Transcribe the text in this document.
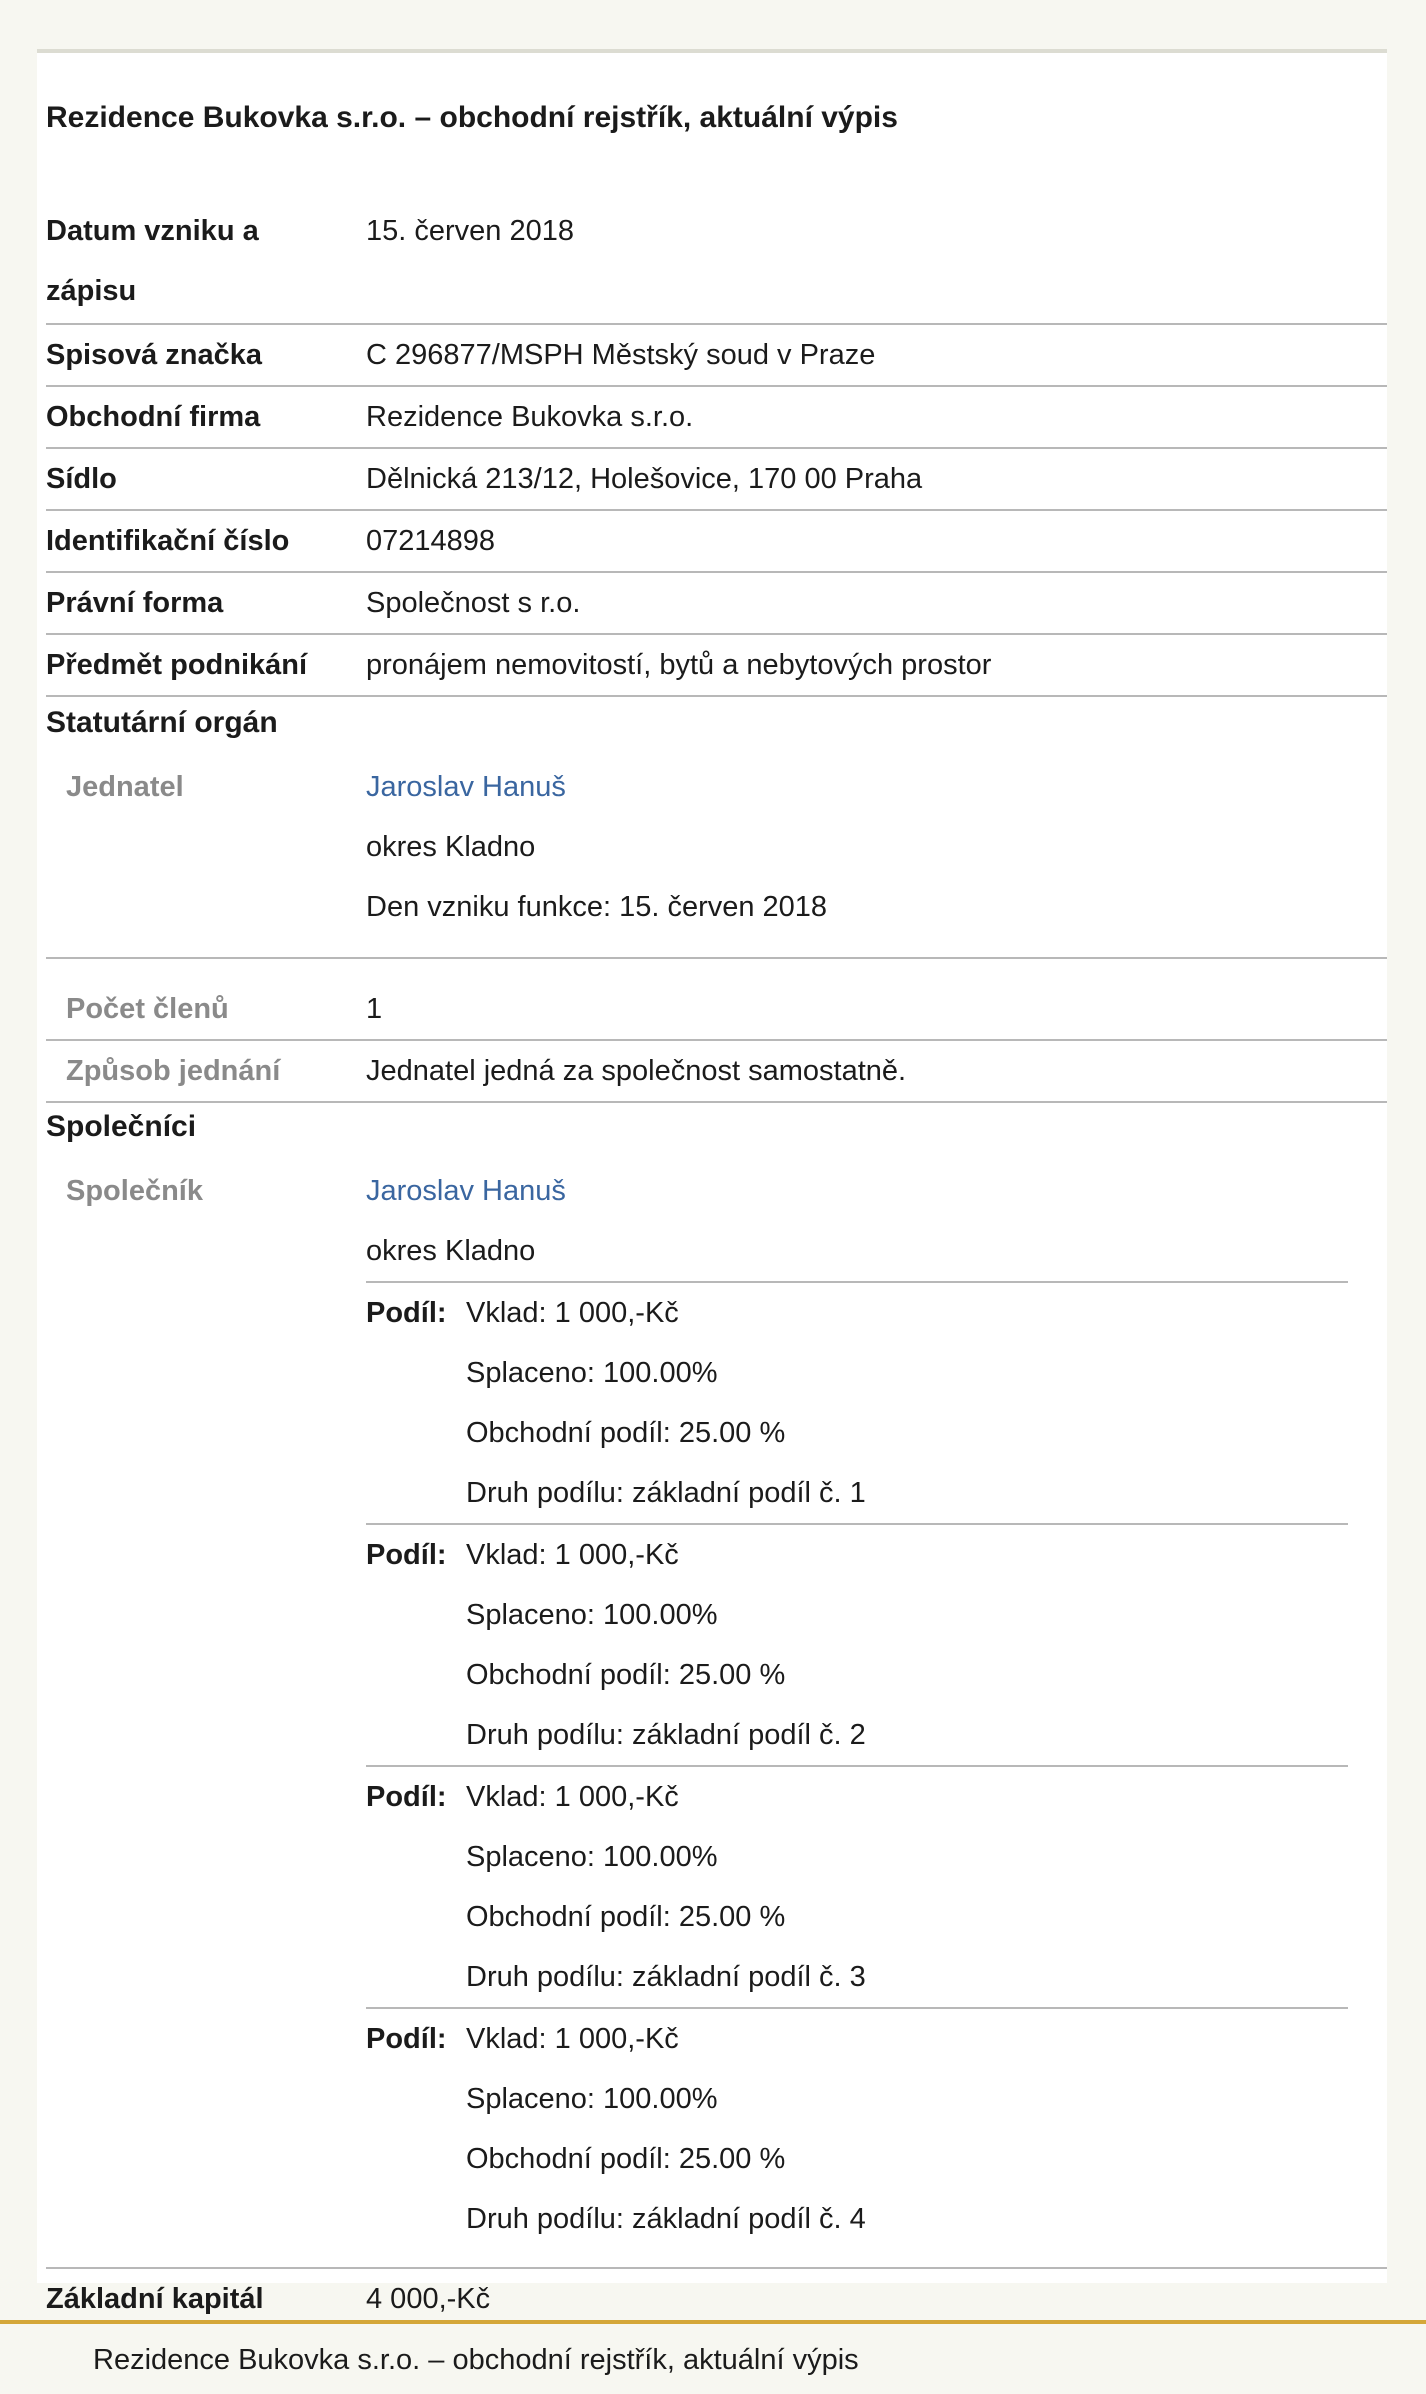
Rezidence Bukovka s.r.o. – obchodní rejstřík, aktuální výpis
Datum vzniku a
zápisu
15. červen 2018
Spisová značka	C 296877/MSPH Městský soud v Praze
Obchodní firma	Rezidence Bukovka s.r.o.
Sídlo	Dělnická 213/12, Holešovice, 170 00 Praha
Identifikační číslo	07214898
Právní forma	Společnost s r.o.
Předmět podnikání pronájem nemovitostí, bytů a nebytových prostor
Statutární orgán
Jednatel	Jaroslav Hanuš
okres Kladno
Den vzniku funkce: 15. červen 2018
Počet členů	1
Způsob jednání	Jednatel jedná za společnost samostatně.
Společníci
Společník	Jaroslav Hanuš
okres Kladno
Podíl: Vklad: 1 000,-Kč
Splaceno: 100.00%
Obchodní podíl: 25.00 %
Druh podílu: základní podíl č. 1
Podíl: Vklad: 1 000,-Kč
Splaceno: 100.00%
Obchodní podíl: 25.00 %
Druh podílu: základní podíl č. 2
Podíl: Vklad: 1 000,-Kč
Splaceno: 100.00%
Obchodní podíl: 25.00 %
Druh podílu: základní podíl č. 3
Podíl: Vklad: 1 000,-Kč
Splaceno: 100.00%
Obchodní podíl: 25.00 %
Druh podílu: základní podíl č. 4
Základní kapitál	4 000,-Kč
Rezidence Bukovka s.r.o. – obchodní rejstřík, aktuální výpis
